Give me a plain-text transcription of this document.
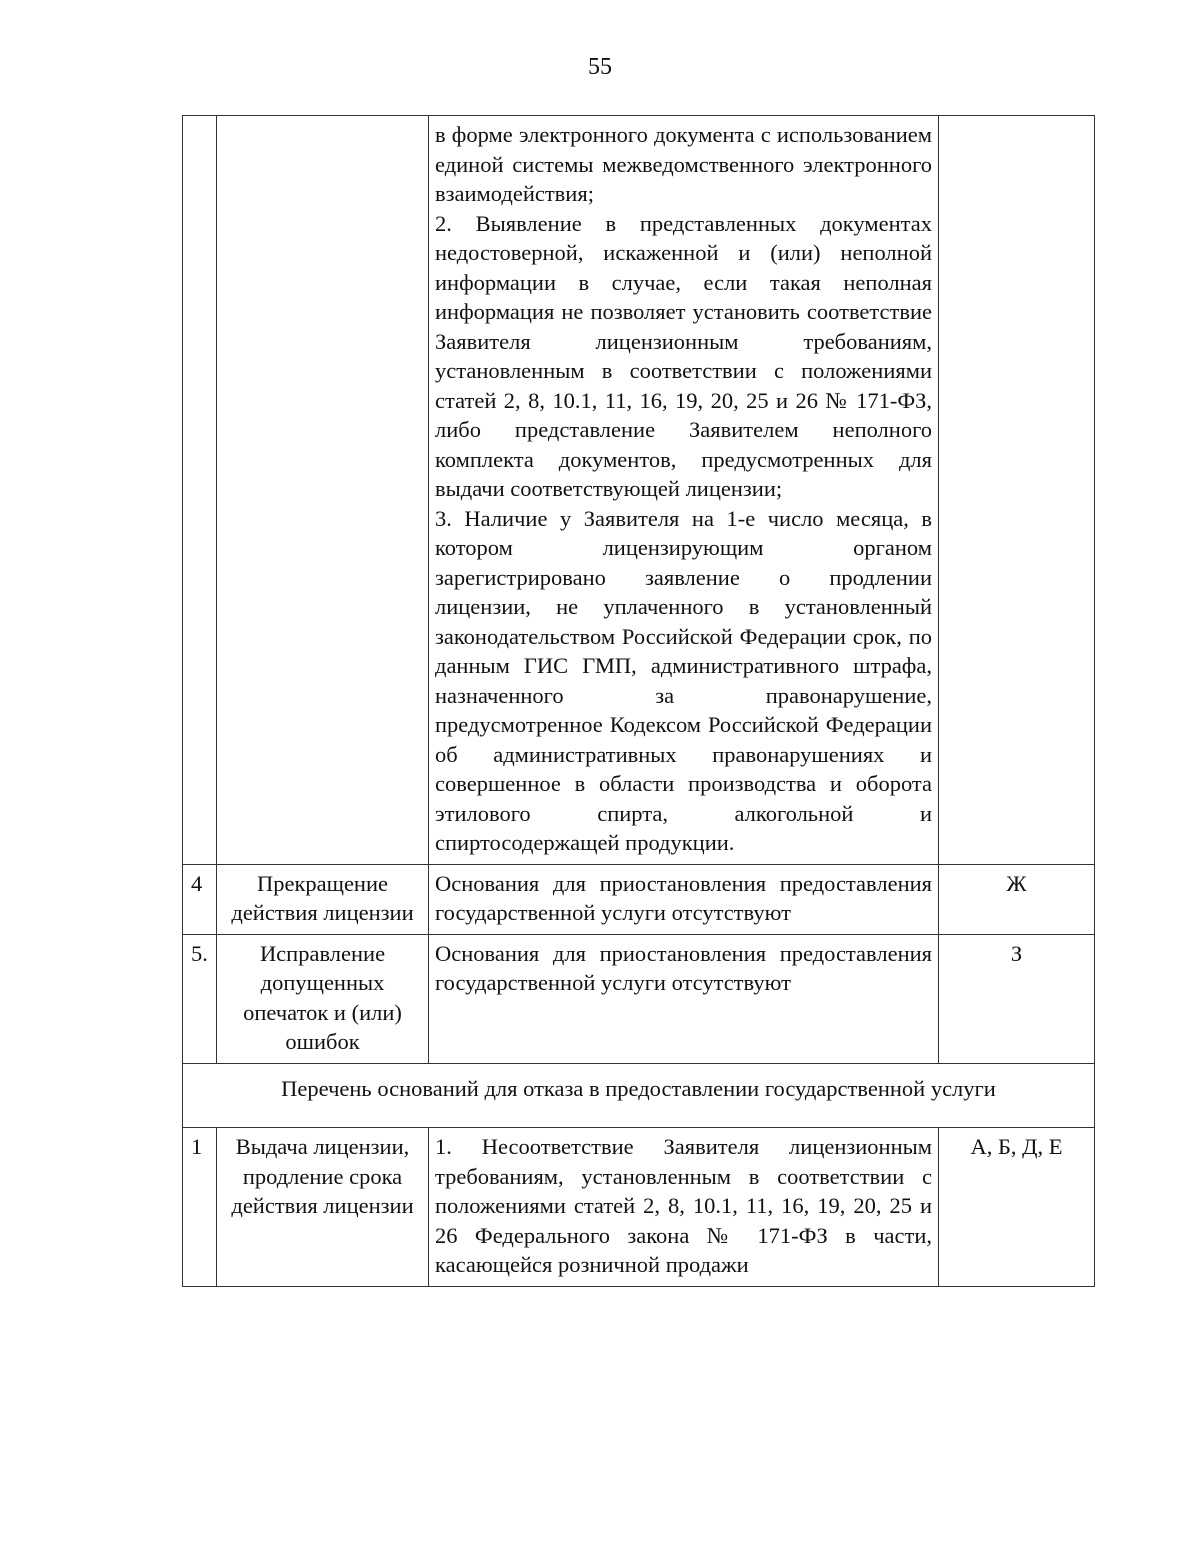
55

		в форме электронного документа с использованием единой системы межведомственного электронного взаимодействия;

2. Выявление в представленных документах недостоверной, искаженной и (или) неполной информации в случае, если такая неполная информация не позволяет установить соответствие Заявителя лицензионным требованиям, установленным в соответствии с положениями статей 2, 8, 10.1, 11, 16, 19, 20, 25 и 26 № 171-ФЗ, либо представление Заявителем неполного комплекта документов, предусмотренных для выдачи соответствующей лицензии;

3. Наличие у Заявителя на 1-е число месяца, в котором лицензирующим органом зарегистрировано заявление о продлении лицензии, не уплаченного в установленный законодательством Российской Федерации срок, по данным ГИС ГМП, административного штрафа, назначенного за правонарушение, предусмотренное Кодексом Российской Федерации об административных правонарушениях и совершенное в области производства и оборота этилового спирта, алкогольной и спиртосодержащей продукции.	

4	Прекращение действия лицензии	Основания для приостановления предоставления государственной услуги отсутствуют	Ж
5.	Исправление допущенных опечаток и (или) ошибок	Основания для приостановления предоставления государственной услуги отсутствуют	З
Перечень оснований для отказа в предоставлении государственной услуги			
1	Выдача лицензии, продление срока действия лицензии	1. Несоответствие Заявителя лицензионным требованиям, установленным в соответствии с положениями статей 2, 8, 10.1, 11, 16, 19, 20, 25 и 26 Федерального закона № 171-ФЗ в части, касающейся розничной продажи	А, Б, Д, Е
